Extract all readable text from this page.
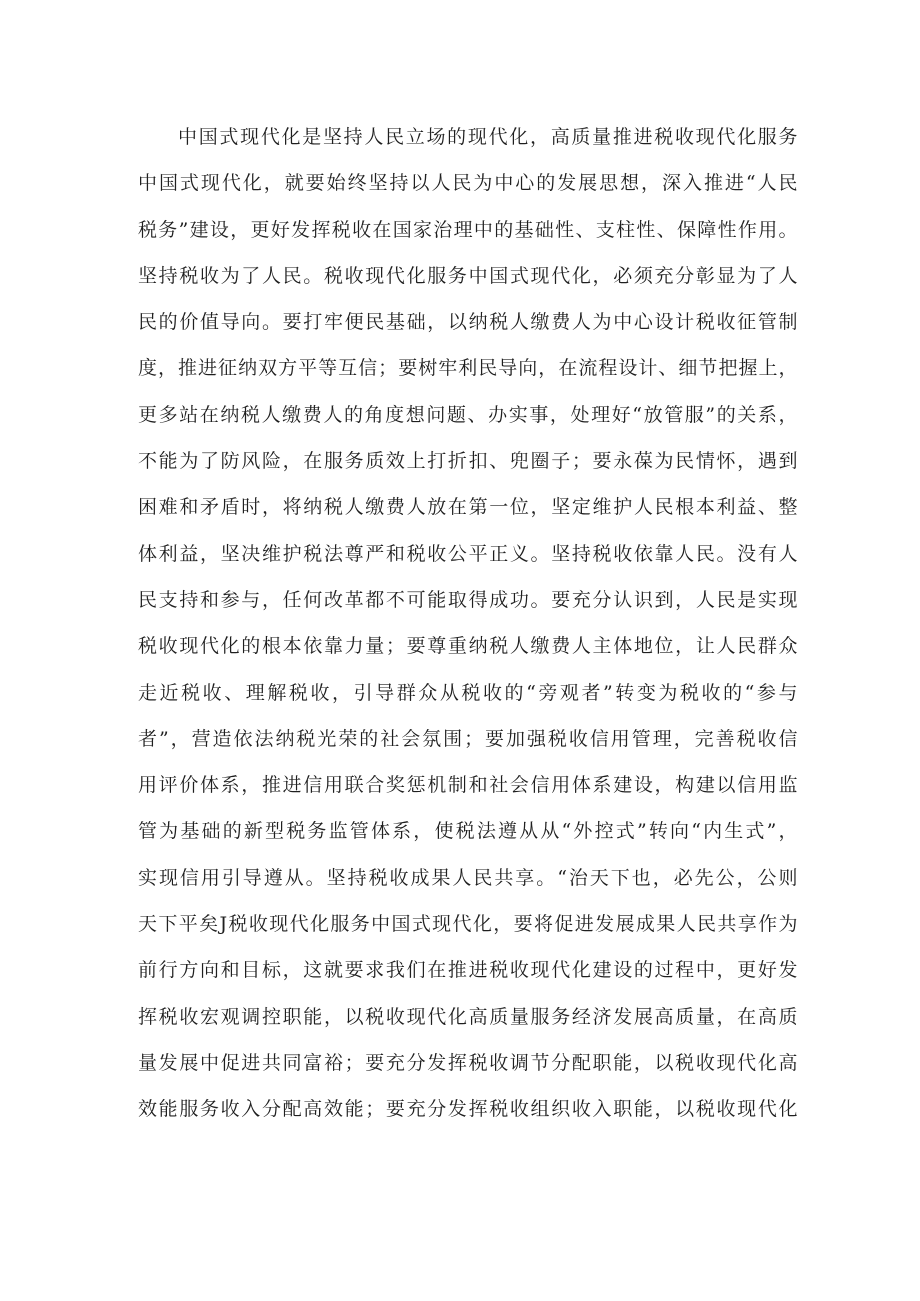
中国式现代化是坚持人民立场的现代化，高质量推进税收现代化服务
中国式现代化，就要始终坚持以人民为中心的发展思想，深入推进“人民
税务”建设，更好发挥税收在国家治理中的基础性、支柱性、保障性作用。
坚持税收为了人民。税收现代化服务中国式现代化，必须充分彰显为了人
民的价值导向。要打牢便民基础，以纳税人缴费人为中心设计税收征管制
度，推进征纳双方平等互信；要树牢利民导向，在流程设计、细节把握上，
更多站在纳税人缴费人的角度想问题、办实事，处理好“放管服”的关系，
不能为了防风险，在服务质效上打折扣、兜圈子；要永葆为民情怀，遇到
困难和矛盾时，将纳税人缴费人放在第一位，坚定维护人民根本利益、整
体利益，坚决维护税法尊严和税收公平正义。坚持税收依靠人民。没有人
民支持和参与，任何改革都不可能取得成功。要充分认识到，人民是实现
税收现代化的根本依靠力量；要尊重纳税人缴费人主体地位，让人民群众
走近税收、理解税收，引导群众从税收的“旁观者”转变为税收的“参与
者”，营造依法纳税光荣的社会氛围；要加强税收信用管理，完善税收信
用评价体系，推进信用联合奖惩机制和社会信用体系建设，构建以信用监
管为基础的新型税务监管体系，使税法遵从从“外控式”转向“内生式”，
实现信用引导遵从。坚持税收成果人民共享。“治天下也，必先公，公则
天下平矣J税收现代化服务中国式现代化，要将促进发展成果人民共享作为
前行方向和目标，这就要求我们在推进税收现代化建设的过程中，更好发
挥税收宏观调控职能，以税收现代化高质量服务经济发展高质量，在高质
量发展中促进共同富裕；要充分发挥税收调节分配职能，以税收现代化高
效能服务收入分配高效能；要充分发挥税收组织收入职能，以税收现代化
